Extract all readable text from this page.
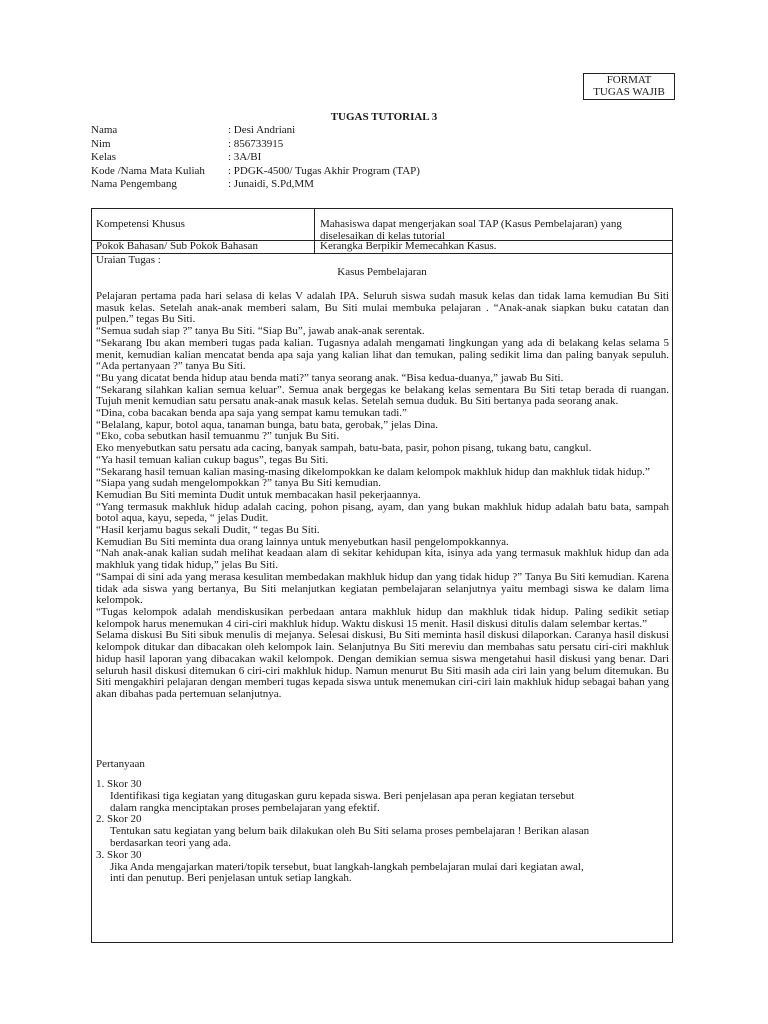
FORMAT
TUGAS WAJIB
TUGAS TUTORIAL 3
Nama	: Desi Andriani
Nim	: 856733915
Kelas	: 3A/BI
Kode /Nama Mata Kuliah	: PDGK-4500/ Tugas Akhir Program (TAP)
Nama Pengembang	: Junaidi, S.Pd,MM
Kompetensi Khusus	Mahasiswa dapat mengerjakan soal TAP (Kasus Pembelajaran) yang diselesaikan di kelas tutorial
Pokok Bahasan/ Sub Pokok Bahasan	Kerangka Berpikir Memecahkan Kasus.
Uraian Tugas :
Kasus Pembelajaran

Pelajaran pertama pada hari selasa di kelas V adalah IPA. Seluruh siswa sudah masuk kelas dan tidak lama kemudian Bu Siti masuk kelas. Setelah anak-anak memberi salam, Bu Siti mulai membuka pelajaran . “Anak-anak siapkan buku catatan dan pulpen.” tegas Bu Siti.

“Semua sudah siap ?” tanya Bu Siti. “Siap Bu”, jawab anak-anak serentak.

“Sekarang Ibu akan memberi tugas pada kalian. Tugasnya adalah mengamati lingkungan yang ada di belakang kelas selama 5 menit, kemudian kalian mencatat benda apa saja yang kalian lihat dan temukan, paling sedikit lima dan paling banyak sepuluh. “Ada pertanyaan ?” tanya Bu Siti.

“Bu yang dicatat benda hidup atau benda mati?” tanya seorang anak. “Bisa kedua-duanya,” jawab Bu Siti.

“Sekarang silahkan kalian semua keluar”. Semua anak bergegas ke belakang kelas sementara Bu Siti tetap berada di ruangan. Tujuh menit kemudian satu persatu anak-anak masuk kelas. Setelah semua duduk. Bu Siti bertanya pada seorang anak.

“Dina, coba bacakan benda apa saja yang sempat kamu temukan tadi.”

“Belalang, kapur, botol aqua, tanaman bunga, batu bata, gerobak,” jelas Dina.

“Eko, coba sebutkan hasil temuanmu ?” tunjuk Bu Siti.

Eko menyebutkan satu persatu ada cacing, banyak sampah, batu-bata, pasir, pohon pisang, tukang batu, cangkul.

“Ya hasil temuan kalian cukup bagus”, tegas Bu Siti.

“Sekarang hasil temuan kalian masing-masing dikelompokkan ke dalam kelompok makhluk hidup dan makhluk tidak hidup.”

“Siapa yang sudah mengelompokkan ?” tanya Bu Siti kemudian.

Kemudian Bu Siti meminta Dudit untuk membacakan hasil pekerjaannya.

“Yang termasuk makhluk hidup adalah cacing, pohon pisang, ayam, dan yang bukan makhluk hidup adalah batu bata, sampah botol aqua, kayu, sepeda, “ jelas Dudit.

“Hasil kerjamu bagus sekali Dudit, “ tegas Bu Siti.

Kemudian Bu Siti meminta dua orang lainnya untuk menyebutkan hasil pengelompokkannya.

“Nah anak-anak kalian sudah melihat keadaan alam di sekitar kehidupan kita, isinya ada yang termasuk makhluk hidup dan ada makhluk yang tidak hidup,” jelas Bu Siti.

“Sampai di sini ada yang merasa kesulitan membedakan makhluk hidup dan yang tidak hidup ?” Tanya Bu Siti kemudian. Karena tidak ada siswa yang bertanya, Bu Siti melanjutkan kegiatan pembelajaran selanjutnya yaitu membagi siswa ke dalam lima kelompok.

“Tugas kelompok adalah mendiskusikan perbedaan antara makhluk hidup dan makhluk tidak hidup. Paling sedikit setiap kelompok harus menemukan 4 ciri-ciri makhluk hidup. Waktu diskusi 15 menit. Hasil diskusi ditulis dalam selembar kertas.”

Selama diskusi Bu Siti sibuk menulis di mejanya. Selesai diskusi, Bu Siti meminta hasil diskusi dilaporkan. Caranya hasil diskusi kelompok ditukar dan dibacakan oleh kelompok lain. Selanjutnya Bu Siti mereviu dan membahas satu persatu ciri-ciri makhluk hidup hasil laporan yang dibacakan wakil kelompok. Dengan demikian semua siswa mengetahui hasil diskusi yang benar. Dari seluruh hasil diskusi ditemukan 6 ciri-ciri makhluk hidup. Namun menurut Bu Siti masih ada ciri lain yang belum ditemukan. Bu Siti mengakhiri pelajaran dengan memberi tugas kepada siswa untuk menemukan ciri-ciri lain makhluk hidup sebagai bahan yang akan dibahas pada pertemuan selanjutnya.

Pertanyaan
1. Skor 30
Identifikasi tiga kegiatan yang ditugaskan guru kepada siswa. Beri penjelasan apa peran kegiatan tersebut
dalam rangka menciptakan proses pembelajaran yang efektif.
2. Skor 20
Tentukan satu kegiatan yang belum baik dilakukan oleh Bu Siti selama proses pembelajaran ! Berikan alasan
berdasarkan teori yang ada.
3. Skor 30
Jika Anda mengajarkan materi/topik tersebut, buat langkah-langkah pembelajaran mulai dari kegiatan awal,
inti dan penutup. Beri penjelasan untuk setiap langkah.
